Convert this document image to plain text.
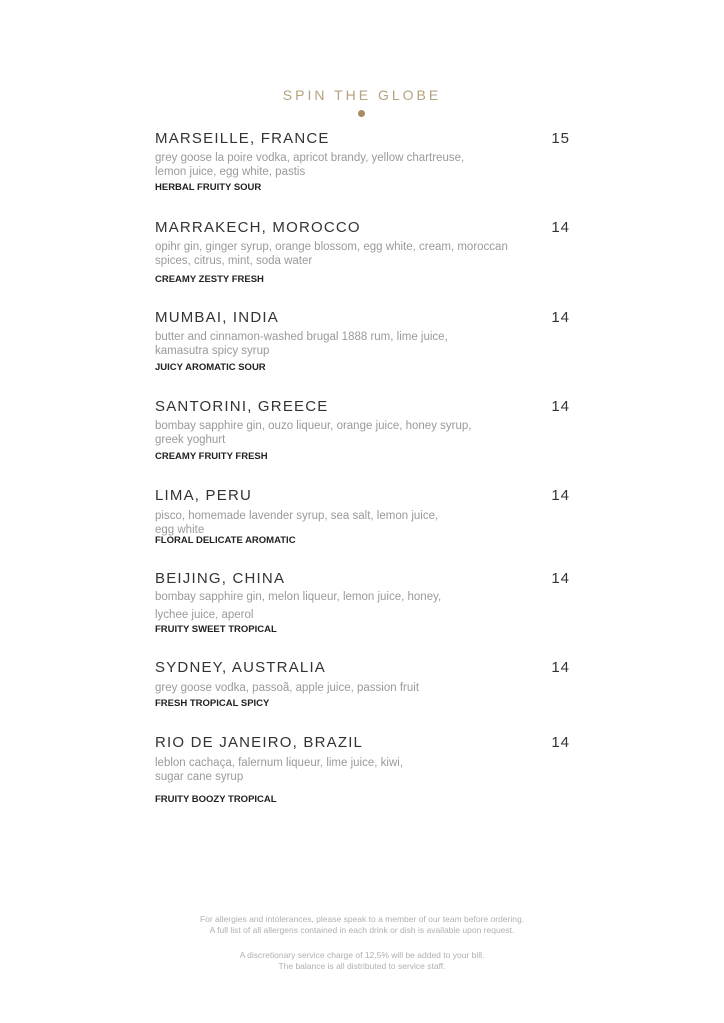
SPIN THE GLOBE
MARSEILLE, FRANCE	15
grey goose la poire vodka, apricot brandy, yellow chartreuse,
lemon juice, egg white, pastis
HERBAL FRUITY SOUR
MARRAKECH, MOROCCO	14
opihr gin, ginger syrup, orange blossom, egg white, cream, moroccan
spices, citrus, mint, soda water
CREAMY ZESTY FRESH
MUMBAI, INDIA	14
butter and cinnamon-washed brugal 1888 rum, lime juice,
kamasutra spicy syrup
JUICY AROMATIC SOUR
SANTORINI, GREECE	14
bombay sapphire gin, ouzo liqueur, orange juice, honey syrup,
greek yoghurt
CREAMY FRUITY FRESH
LIMA, PERU	14
pisco, homemade lavender syrup, sea salt, lemon juice,
egg white
FLORAL DELICATE AROMATIC
BEIJING, CHINA	14
bombay sapphire gin, melon liqueur, lemon juice, honey,
lychee juice, aperol
FRUITY SWEET TROPICAL
SYDNEY, AUSTRALIA	14
grey goose vodka, passoã, apple juice, passion fruit
FRESH TROPICAL SPICY
RIO DE JANEIRO, BRAZIL	14
leblon cachaça, falernum liqueur, lime juice, kiwi,
sugar cane syrup
FRUITY BOOZY TROPICAL
For allergies and intolerances, please speak to a member of our team before ordering.
A full list of all allergens contained in each drink or dish is available upon request.
A discretionary service charge of 12.5% will be added to your bill.
The balance is all distributed to service staff.
